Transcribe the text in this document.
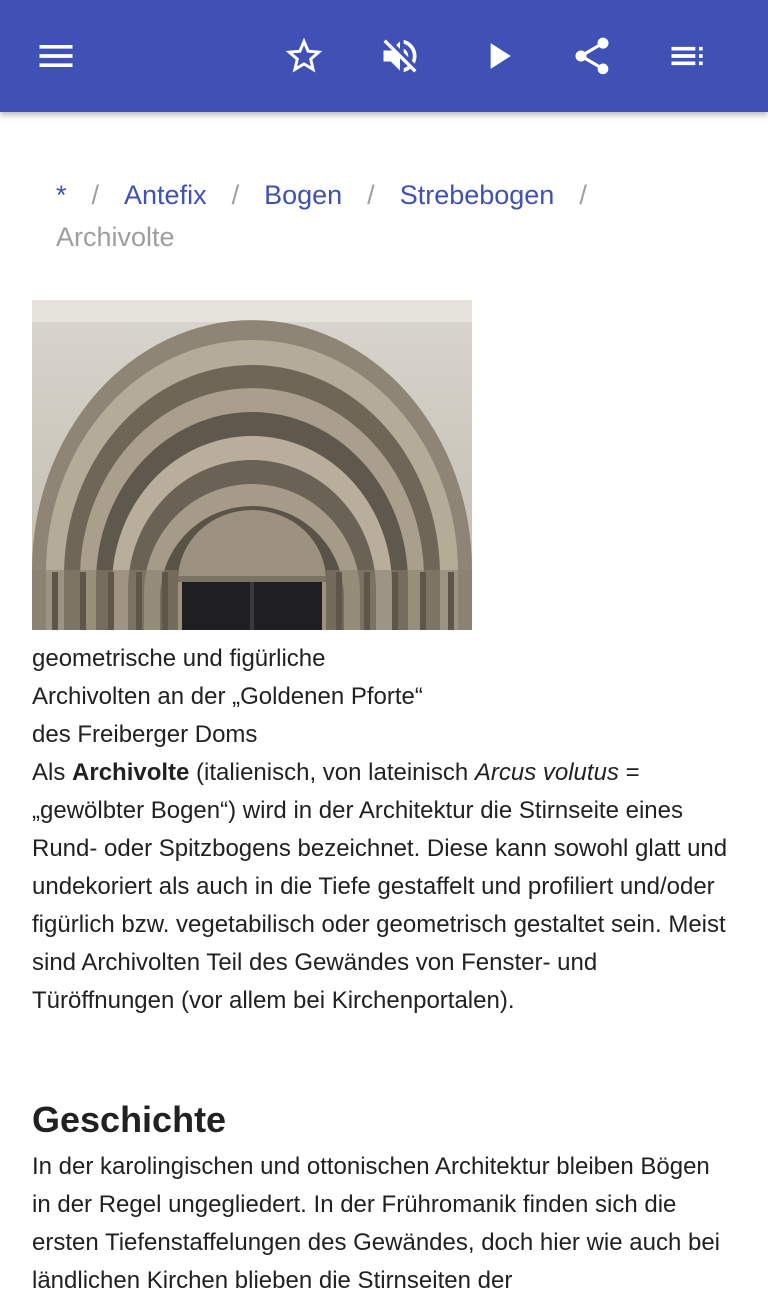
* / Antefix / Bogen / Strebebogen /
Archivolte
geometrische und figürliche
Archivolten an der „Goldenen Pforte“
des Freiberger Doms

Als Archivolte (italienisch, von lateinisch Arcus volutus = „gewölbter Bogen“) wird in der Architektur die Stirnseite eines Rund- oder Spitzbogens bezeichnet. Diese kann sowohl glatt und undekoriert als auch in die Tiefe gestaffelt und profiliert und/oder figürlich bzw. vegetabilisch oder geometrisch gestaltet sein. Meist sind Archivolten Teil des Gewändes von Fenster- und Türöffnungen (vor allem bei Kirchenportalen).

Geschichte

In der karolingischen und ottonischen Architektur bleiben Bögen in der Regel ungegliedert. In der Frühromanik finden sich die ersten Tiefenstaffelungen des Gewändes, doch hier wie auch bei ländlichen Kirchen blieben die Stirnseiten der
